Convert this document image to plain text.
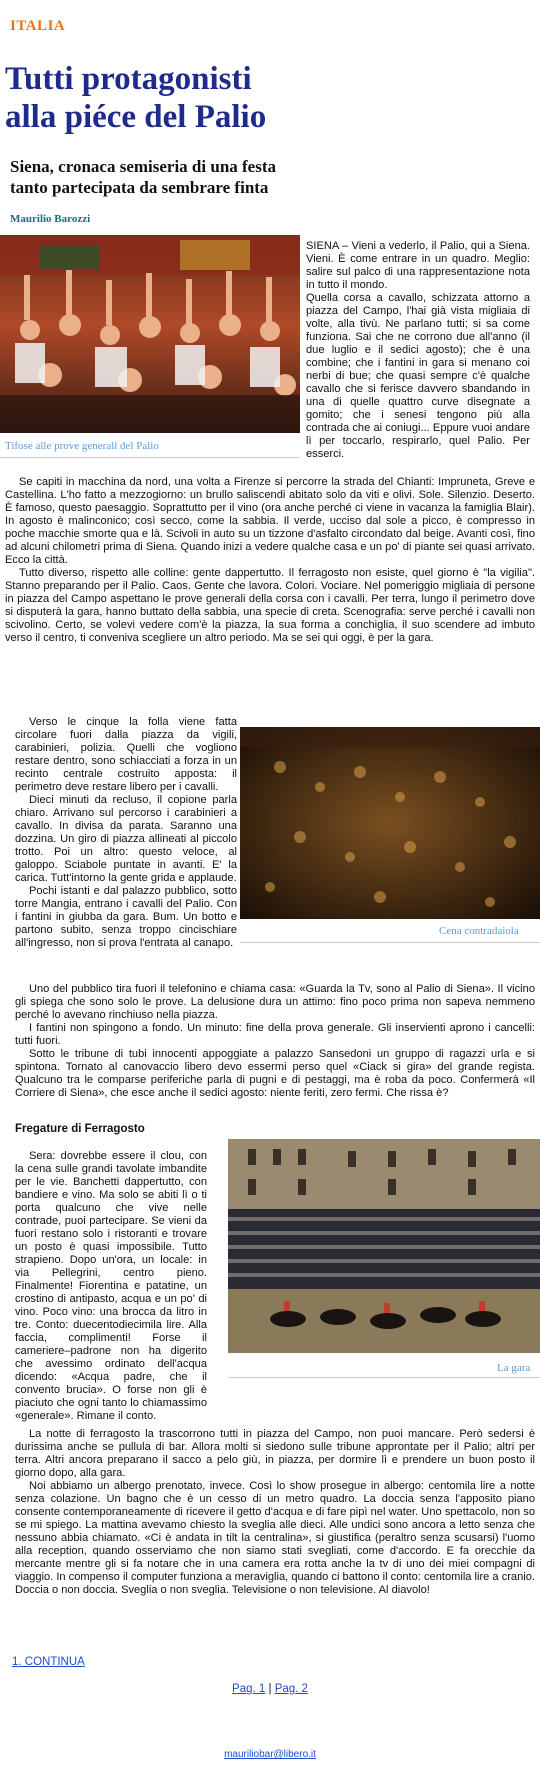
ITALIA
Tutti protagonisti
alla piéce del Palio
Siena, cronaca semiseria di una festa
tanto partecipata da sembrare finta
Maurilio Barozzi
Tifose alle prove generali del Palio

SIENA – Vieni a vederlo, il Palio, qui a Siena. Vieni. È come entrare in un quadro. Meglio: salire sul palco di una rappresentazione nota in tutto il mondo.

Quella corsa a cavallo, schizzata attorno a piazza del Campo, l'hai già vista migliaia di volte, alla tivù. Ne parlano tutti; si sa come funziona. Sai che ne corrono due all'anno (il due luglio e il sedici agosto); che è una combine; che i fantini in gara si menano coi nerbi di bue; che quasi sempre c'è qualche cavallo che si ferisce davvero sbandando in una di quelle quattro curve disegnate a gomito; che i senesi tengono più alla contrada che ai coniugi... Eppure vuoi andare lì per toccarlo, respirarlo, quel Palio. Per esserci.

Se capiti in macchina da nord, una volta a Firenze si percorre la strada del Chianti: Impruneta, Greve e Castellina. L'ho fatto a mezzogiorno: un brullo saliscendi abitato solo da viti e olivi. Sole. Silenzio. Deserto. È famoso, questo paesaggio. Soprattutto per il vino (ora anche perché ci viene in vacanza la famiglia Blair). In agosto è malinconico; così secco, come la sabbia. Il verde, ucciso dal sole a picco, è compresso in poche macchie smorte qua e là. Scivoli in auto su un tizzone d'asfalto circondato dal beige. Avanti così, fino ad alcuni chilometri prima di Siena. Quando inizi a vedere qualche casa e un po' di piante sei quasi arrivato. Ecco la città.

Tutto diverso, rispetto alle colline: gente dappertutto. Il ferragosto non esiste, quel giorno è "la vigilia". Stanno preparando per il Palio. Caos. Gente che lavora. Colori. Vociare. Nel pomeriggio migliaia di persone in piazza del Campo aspettano le prove generali della corsa con i cavalli. Per terra, lungo il perimetro dove si disputerà la gara, hanno buttato della sabbia, una specie di creta. Scenografia: serve perché i cavalli non scivolino. Certo, se volevi vedere com'è la piazza, la sua forma a conchiglia, il suo scendere ad imbuto verso il centro, ti conveniva scegliere un altro periodo. Ma se sei qui oggi, è per la gara.

Cena contradaiola

Verso le cinque la folla viene fatta circolare fuori dalla piazza da vigili, carabinieri, polizia. Quelli che vogliono restare dentro, sono schiacciati a forza in un recinto centrale costruito apposta: il perimetro deve restare libero per i cavalli.

Dieci minuti da recluso, il copione parla chiaro. Arrivano sul percorso i carabinieri a cavallo. In divisa da parata. Saranno una dozzina. Un giro di piazza allineati al piccolo trotto. Poi un altro: questo veloce, al galoppo. Sciabole puntate in avanti. E' la carica. Tutt'intorno la gente grida e applaude.

Pochi istanti e dal palazzo pubblico, sotto torre Mangia, entrano i cavalli del Palio. Con i fantini in giubba da gara. Bum. Un botto e partono subito, senza troppo cincischiare all'ingresso, non si prova l'entrata al canapo.

Uno del pubblico tira fuori il telefonino e chiama casa: «Guarda la Tv, sono al Palio di Siena». Il vicino gli spiega che sono solo le prove. La delusione dura un attimo: fino poco prima non sapeva nemmeno perché lo avevano rinchiuso nella piazza.

I fantini non spingono a fondo. Un minuto: fine della prova generale. Gli inservienti aprono i cancelli: tutti fuori.

Sotto le tribune di tubi innocenti appoggiate a palazzo Sansedoni un gruppo di ragazzi urla e si spintona. Tornato al canovaccio libero devo essermi perso quel «Ciack si gira» del grande regista. Qualcuno tra le comparse periferiche parla di pugni e di pestaggi, ma è roba da poco. Confermerà «Il Corriere di Siena», che esce anche il sedici agosto: niente feriti, zero fermi. Che rissa è?

Fregature di Ferragosto
La gara

Sera: dovrebbe essere il clou, con la cena sulle grandi tavolate imbandite per le vie. Banchetti dappertutto, con bandiere e vino. Ma solo se abiti lì o ti porta qualcuno che vive nelle contrade, puoi partecipare. Se vieni da fuori restano solo i ristoranti e trovare un posto è quasi impossibile. Tutto strapieno. Dopo un'ora, un locale: in via Pellegrini, centro pieno. Finalmente! Fiorentina e patatine, un crostino di antipasto, acqua e un po' di vino. Poco vino: una brocca da litro in tre. Conto: duecentodiecimila lire. Alla faccia, complimenti! Forse il cameriere–padrone non ha digerito che avessimo ordinato dell'acqua dicendo: «Acqua padre, che il convento brucia». O forse non gli è piaciuto che ogni tanto lo chiamassimo «generale». Rimane il conto.

La notte di ferragosto la trascorrono tutti in piazza del Campo, non puoi mancare. Però sedersi è durissima anche se pullula di bar. Allora molti si siedono sulle tribune approntate per il Palio; altri per terra. Altri ancora preparano il sacco a pelo giù, in piazza, per dormire lì e prendere un buon posto il giorno dopo, alla gara.

Noi abbiamo un albergo prenotato, invece. Così lo show prosegue in albergo: centomila lire a notte senza colazione. Un bagno che è un cesso di un metro quadro. La doccia senza l'apposito piano consente contemporaneamente di ricevere il getto d'acqua e di fare pipì nel water. Uno spettacolo, non so se mi spiego. La mattina avevamo chiesto la sveglia alle dieci. Alle undici sono ancora a letto senza che nessuno abbia chiamato. «Ci è andata in tilt la centralina», si giustifica (peraltro senza scusarsi) l'uomo alla reception, quando osserviamo che non siamo stati svegliati, come d'accordo. E fa orecchie da mercante mentre gli si fa notare che in una camera era rotta anche la tv di uno dei miei compagni di viaggio. In compenso il computer funziona a meraviglia, quando ci battono il conto: centomila lire a cranio. Doccia o non doccia. Sveglia o non sveglia. Televisione o non televisione. Al diavolo!

1. CONTINUA
Pag. 1 | Pag. 2
mauriliobar@libero.it
